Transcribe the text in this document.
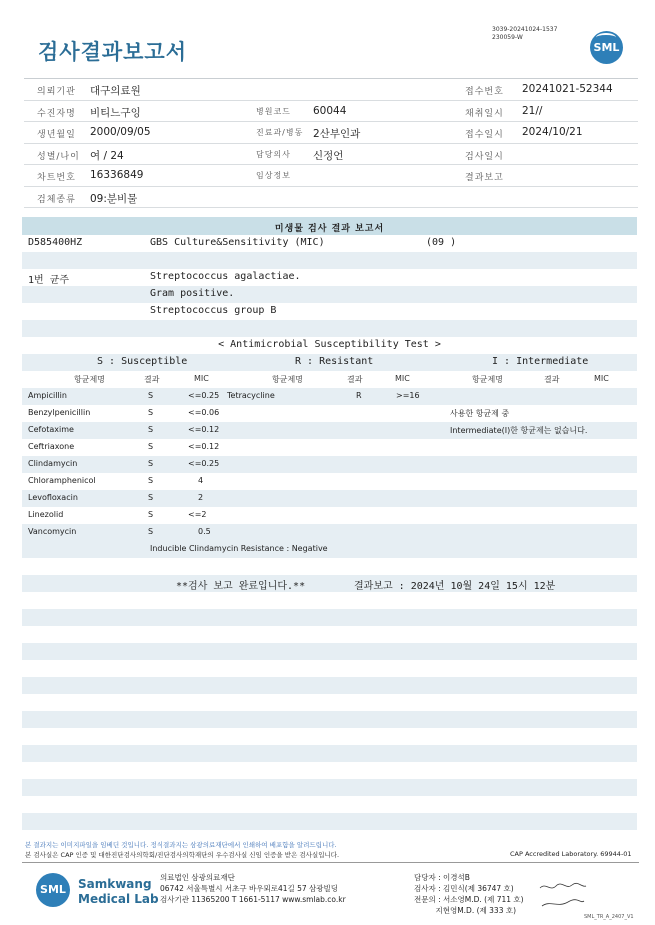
검사결과보고서
3039-20241024-1537
230059-W
SML
의뢰기관 대구의료원	접수번호 20241021-52344
수진자명 비티느구잉	병원코드 60044	채취일시 21//
생년월일 2000/09/05	진료과/병동 2산부인과	접수일시 2024/10/21
성별/나이 여 / 24	담당의사 신정언	검사일시
차트번호 16336849	임상정보	결과보고
검체종류 09:분비물
미생물 검사 결과 보고서
D585400HZ	GBS Culture&Sensitivity (MIC)	(09 )
1번 균주	Streptococcus agalactiae.
Gram positive.
Streptococcus group B
< Antimicrobial Susceptibility Test >
S : Susceptible	R : Resistant	I : Intermediate
항균제명	결과	MIC	항균제명	결과	MIC	항균제명	결과	MIC
Ampicillin	S	<=0.25 Tetracycline	R	>=16
Benzylpenicillin	S	<=0.06	사용한 항균제 중
Cefotaxime	S	<=0.12	Intermediate(I)한 항균제는 없습니다.
Ceftriaxone	S	<=0.12
Clindamycin	S	<=0.25
Chloramphenicol	S	4
Levofloxacin	S	2
Linezolid	S	<=2
Vancomycin	S	0.5
Inducible Clindamycin Resistance : Negative
**검사 보고 완료입니다.**	결과보고 : 2024년 10월 24일 15시 12분
본 결과지는 이미지파일을 임베딘 것입니다. 정식결과지는 삼광의료재단에서 인쇄하여 배포함을 알려드립니다.
본 검사실은 CAP 인증 및 대한진단검사의학회/진단검사의학재단의 우수검사실 신임 인증을 받은 검사실입니다.	CAP Accredited Laboratory. 69944-01
SML	Samkwang
Medical Lab
의료법인 삼광의료재단
06742 서울특별시 서초구 바우뫼로41길 57 삼광빌딩
검사기관 11365200 T 1661-5117 www.smlab.co.kr
담당자 : 이경석B
검사자 : 김민식(제 36747 호)
전문의 : 서소영M.D. (제 711 호)
지현영M.D. (제 333 호)
SML_TR_A_2407_V1
